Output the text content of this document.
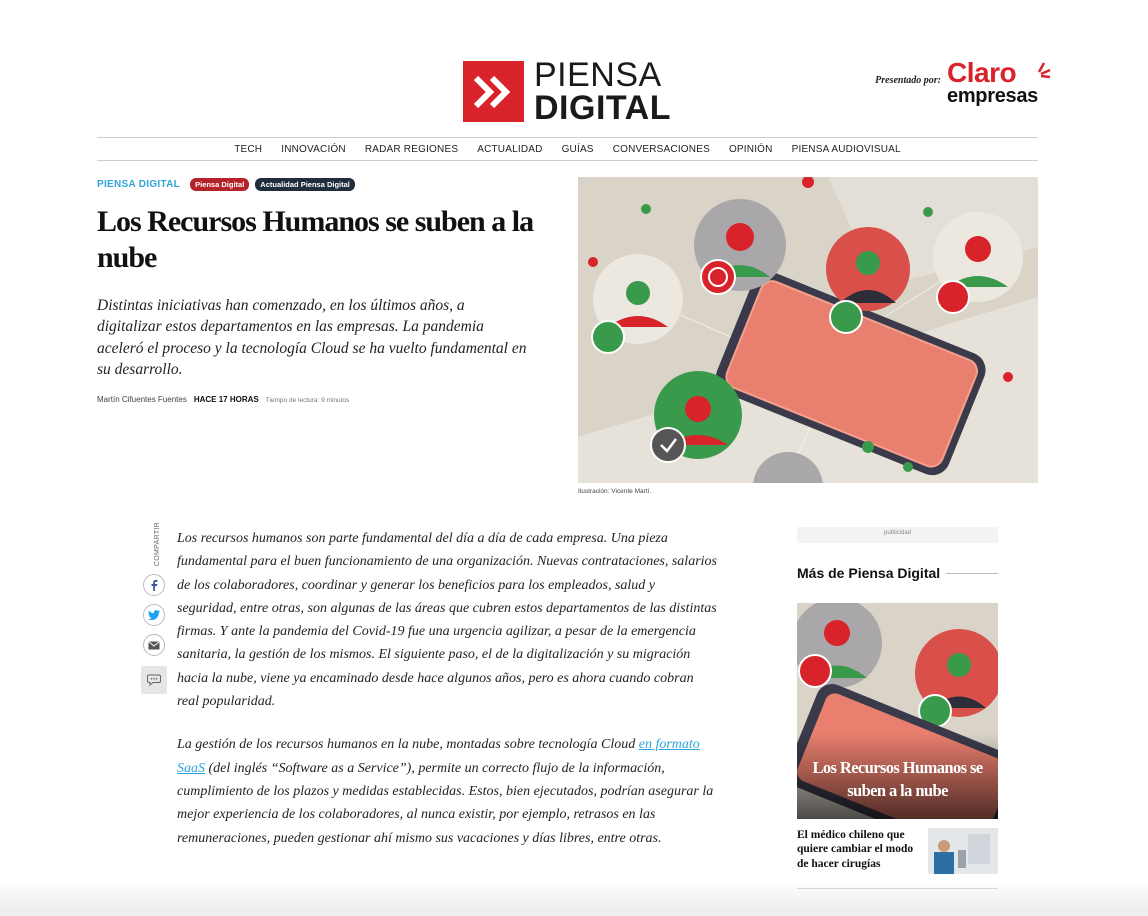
PIENSA
DIGITAL
Presentado por: Claro
empresas
TECH	INNOVACIÓN	RADAR REGIONES	ACTUALIDAD	GUÍAS	CONVERSACIONES	OPINIÓN	PIENSA AUDIOVISUAL
PIENSA DIGITAL	Piensa Digital	Actualidad Piensa Digital
Los Recursos Humanos se suben a la nube

Distintas iniciativas han comenzado, en los últimos años, a digitalizar estos departamentos en las empresas. La pandemia aceleró el proceso y la tecnología Cloud se ha vuelto fundamental en su desarrollo.

Martín Cifuentes Fuentes HACE 17 HORAS Tiempo de lectura: 9 minutos
Ilustración: Vicente Martí.
COMPARTIR Los recursos humanos son parte fundamental del día a día de cada empresa. Una pieza fundamental para el buen funcionamiento de una organización. Nuevas contrataciones, salarios de los colaboradores, coordinar y generar los beneficios para los empleados, salud y seguridad, entre otras, son algunas de las áreas que cubren estos departamentos de las distintas firmas. Y ante la pandemia del Covid-19 fue una urgencia agilizar, a pesar de la emergencia sanitaria, la gestión de los mismos. El siguiente paso, el de la digitalización y su migración hacia la nube, viene ya encaminado desde hace algunos años, pero es ahora cuando cobran real popularidad.

La gestión de los recursos humanos en la nube, montadas sobre tecnología Cloud en formato SaaS (del inglés “Software as a Service”), permite un correcto flujo de la información, cumplimiento de los plazos y medidas establecidas. Estos, bien ejecutados, podrían asegurar la mejor experiencia de los colaboradores, al nunca existir, por ejemplo, retrasos en las remuneraciones, pueden gestionar ahí mismo sus vacaciones y días libres, entre otras.

publicidad
Más de Piensa Digital
Los Recursos Humanos se suben a la nube
El médico chileno que quiere cambiar el modo de hacer cirugías
